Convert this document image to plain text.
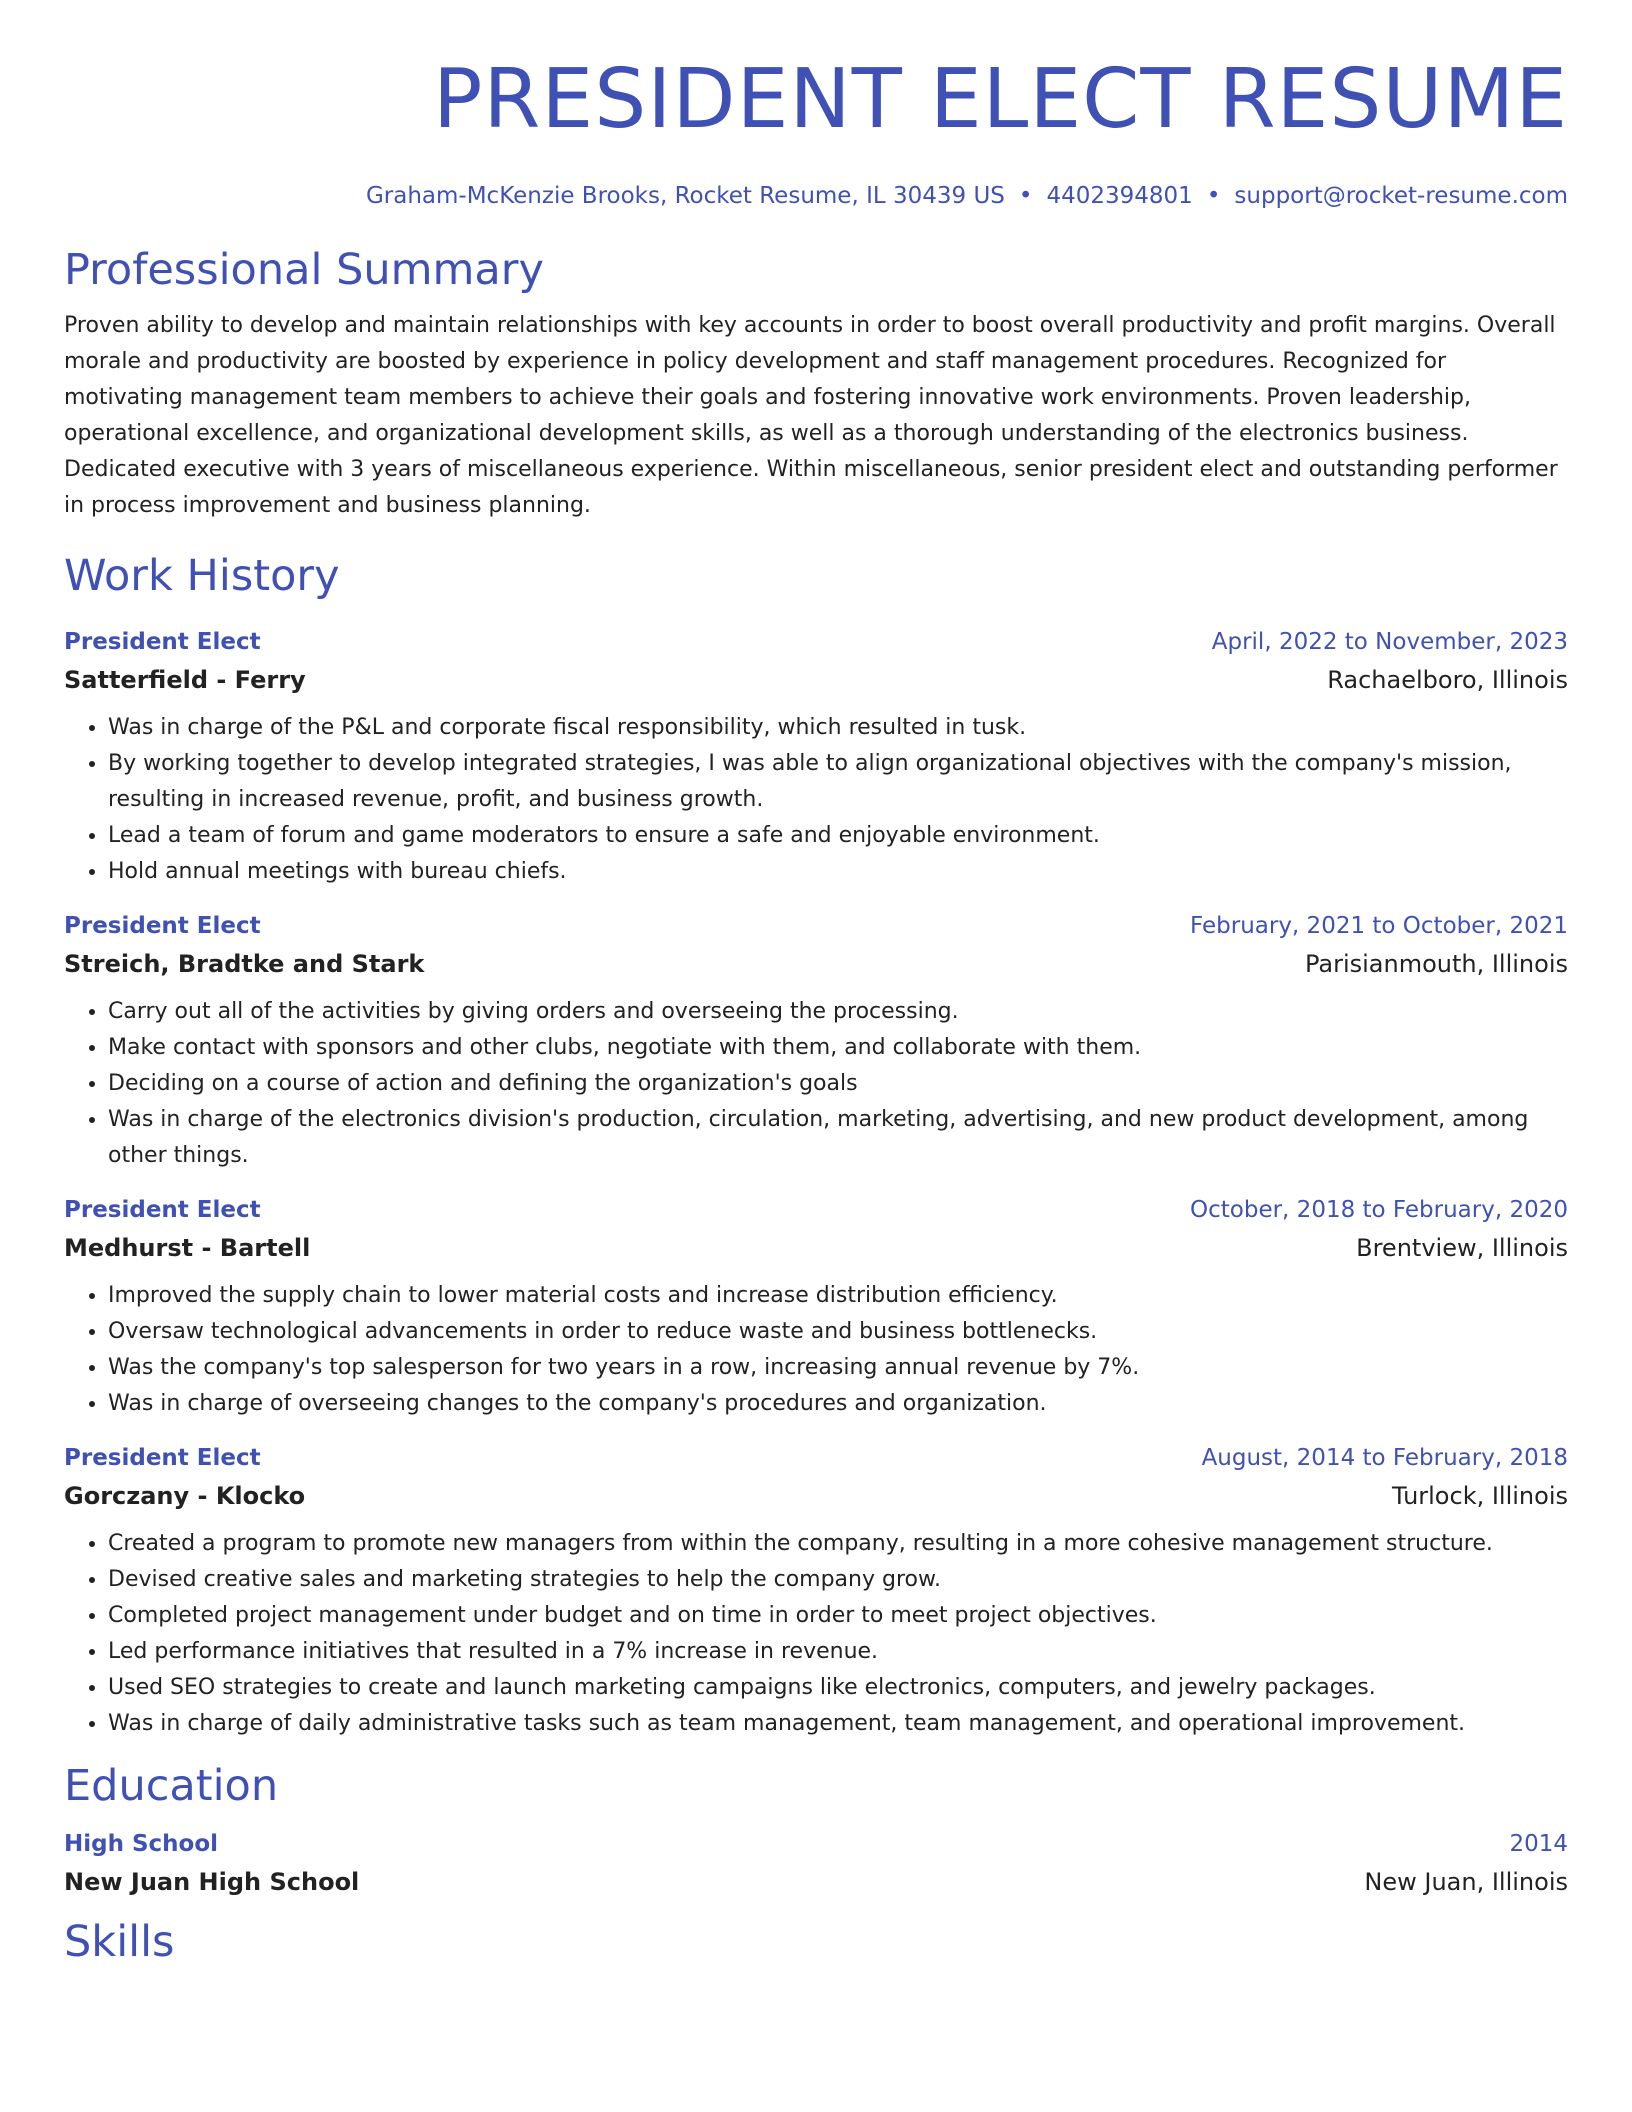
PRESIDENT ELECT RESUME
Graham-McKenzie Brooks, Rocket Resume, IL 30439 US • 4402394801 • support@rocket-resume.com
Professional Summary
Proven ability to develop and maintain relationships with key accounts in order to boost overall productivity and profit margins. Overall morale and productivity are boosted by experience in policy development and staff management procedures. Recognized for motivating management team members to achieve their goals and fostering innovative work environments. Proven leadership, operational excellence, and organizational development skills, as well as a thorough understanding of the electronics business. Dedicated executive with 3 years of miscellaneous experience. Within miscellaneous, senior president elect and outstanding performer in process improvement and business planning.
Work History
President Elect	April, 2022 to November, 2023
Satterfield - Ferry	Rachaelboro, Illinois
• Was in charge of the P&L and corporate fiscal responsibility, which resulted in tusk.
• By working together to develop integrated strategies, I was able to align organizational objectives with the company's mission, resulting in increased revenue, profit, and business growth.
• Lead a team of forum and game moderators to ensure a safe and enjoyable environment.
• Hold annual meetings with bureau chiefs.
President Elect	February, 2021 to October, 2021
Streich, Bradtke and Stark	Parisianmouth, Illinois
• Carry out all of the activities by giving orders and overseeing the processing.
• Make contact with sponsors and other clubs, negotiate with them, and collaborate with them.
• Deciding on a course of action and defining the organization's goals
• Was in charge of the electronics division's production, circulation, marketing, advertising, and new product development, among other things.
President Elect	October, 2018 to February, 2020
Medhurst - Bartell	Brentview, Illinois
• Improved the supply chain to lower material costs and increase distribution efficiency.
• Oversaw technological advancements in order to reduce waste and business bottlenecks.
• Was the company's top salesperson for two years in a row, increasing annual revenue by 7%.
• Was in charge of overseeing changes to the company's procedures and organization.
President Elect	August, 2014 to February, 2018
Gorczany - Klocko	Turlock, Illinois
• Created a program to promote new managers from within the company, resulting in a more cohesive management structure.
• Devised creative sales and marketing strategies to help the company grow.
• Completed project management under budget and on time in order to meet project objectives.
• Led performance initiatives that resulted in a 7% increase in revenue.
• Used SEO strategies to create and launch marketing campaigns like electronics, computers, and jewelry packages.
• Was in charge of daily administrative tasks such as team management, team management, and operational improvement.
Education
High School	2014
New Juan High School	New Juan, Illinois
Skills
